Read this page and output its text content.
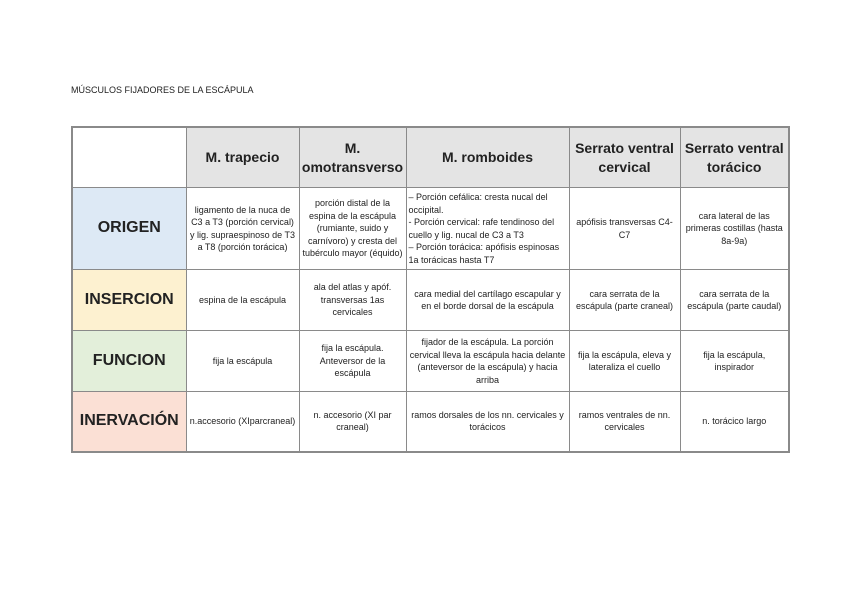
MÚSCULOS FIJADORES DE LA ESCÁPULA
	M. trapecio	M. omotransverso	M. romboides	Serrato ventral cervical	Serrato ventral torácico
ORIGEN	ligamento de la nuca de C3 a T3 (porción cervical) y lig. supraespinoso de T3 a T8 (porción torácica)	porción distal de la espina de la escápula (rumiante, suido y carnívoro) y cresta del tubérculo mayor (équido)	– Porción cefálica: cresta nucal del occipital.
- Porción cervical: rafe tendinoso del cuello y lig. nucal de C3 a T3
– Porción torácica: apófisis espinosas 1a torácicas hasta T7	apófisis transversas C4-C7	cara lateral de las primeras costillas (hasta 8a-9a)
INSERCION	espina de la escápula	ala del atlas y apóf. transversas 1as cervicales	cara medial del cartílago escapular y en el borde dorsal de la escápula	cara serrata de la escápula (parte craneal)	cara serrata de la escápula (parte caudal)
FUNCION	fija la escápula	fija la escápula. Anteversor de la escápula	fijador de la escápula. La porción cervical lleva la escápula hacia delante (anteversor de la escápula) y hacia arriba	fija la escápula, eleva y lateraliza el cuello	fija la escápula, inspirador
INERVACIÓN	n.accesorio (XIparcraneal)	n. accesorio (XI par craneal)	ramos dorsales de los nn. cervicales y torácicos	ramos ventrales de nn. cervicales	n. torácico largo
